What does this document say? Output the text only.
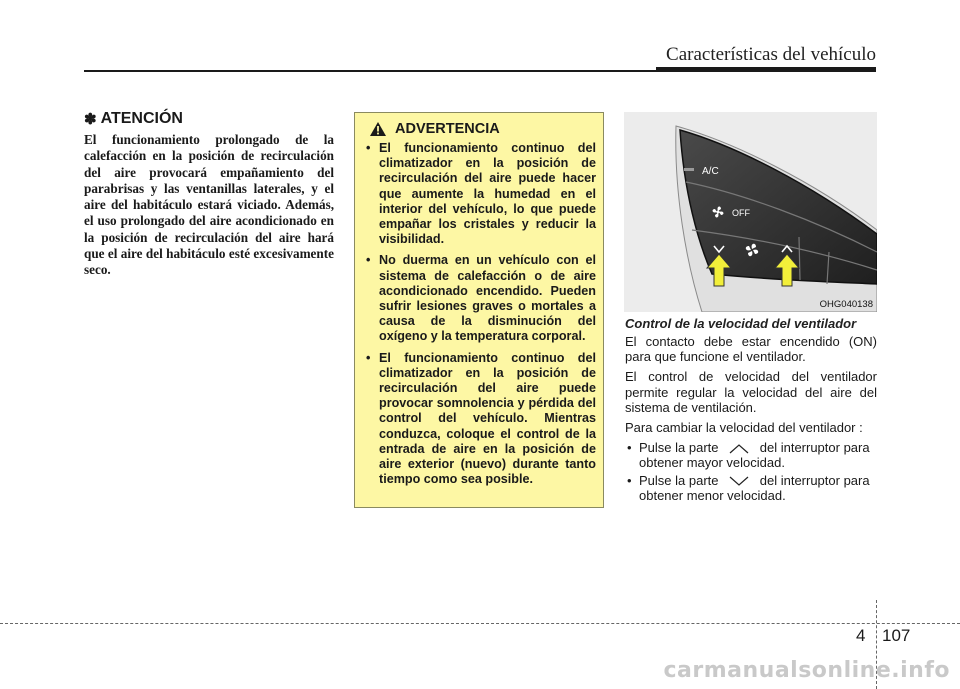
Características del vehículo
✽ ATENCIÓN

El funcionamiento prolongado de la calefacción en la posición de recirculación del aire provocará empañamiento del parabrisas y las ventanillas laterales, y el aire del habitáculo estará viciado. Además, el uso prolongado del aire acondicionado en la posición de recirculación del aire hará que el aire del habitáculo esté excesivamente seco.

ADVERTENCIA
• El funcionamiento continuo del climatizador en la posición de recirculación del aire puede hacer que aumente la humedad en el interior del vehículo, lo que puede empañar los cristales y reducir la visibilidad.
• No duerma en un vehículo con el sistema de calefacción o de aire acondicionado encendido. Pueden sufrir lesiones graves o mortales a causa de la disminución del oxígeno y la temperatura corporal.
• El funcionamiento continuo del climatizador en la posición de recirculación del aire puede provocar somnolencia y pérdida del control del vehículo. Mientras conduzca, coloque el control de la entrada de aire en la posición de aire exterior (nuevo) durante tanto tiempo como sea posible.
A/C
OFF
OHG040138

Control de la velocidad del ventilador

El contacto debe estar encendido (ON) para que funcione el ventilador.

El control de velocidad del ventilador permite regular la velocidad del aire del sistema de ventilación.

Para cambiar la velocidad del ventilador :

• Pulse la parte	del interruptor para obtener mayor velocidad.
• Pulse la parte	del interruptor para obtener menor velocidad.
4 107
carmanualsonline.info
